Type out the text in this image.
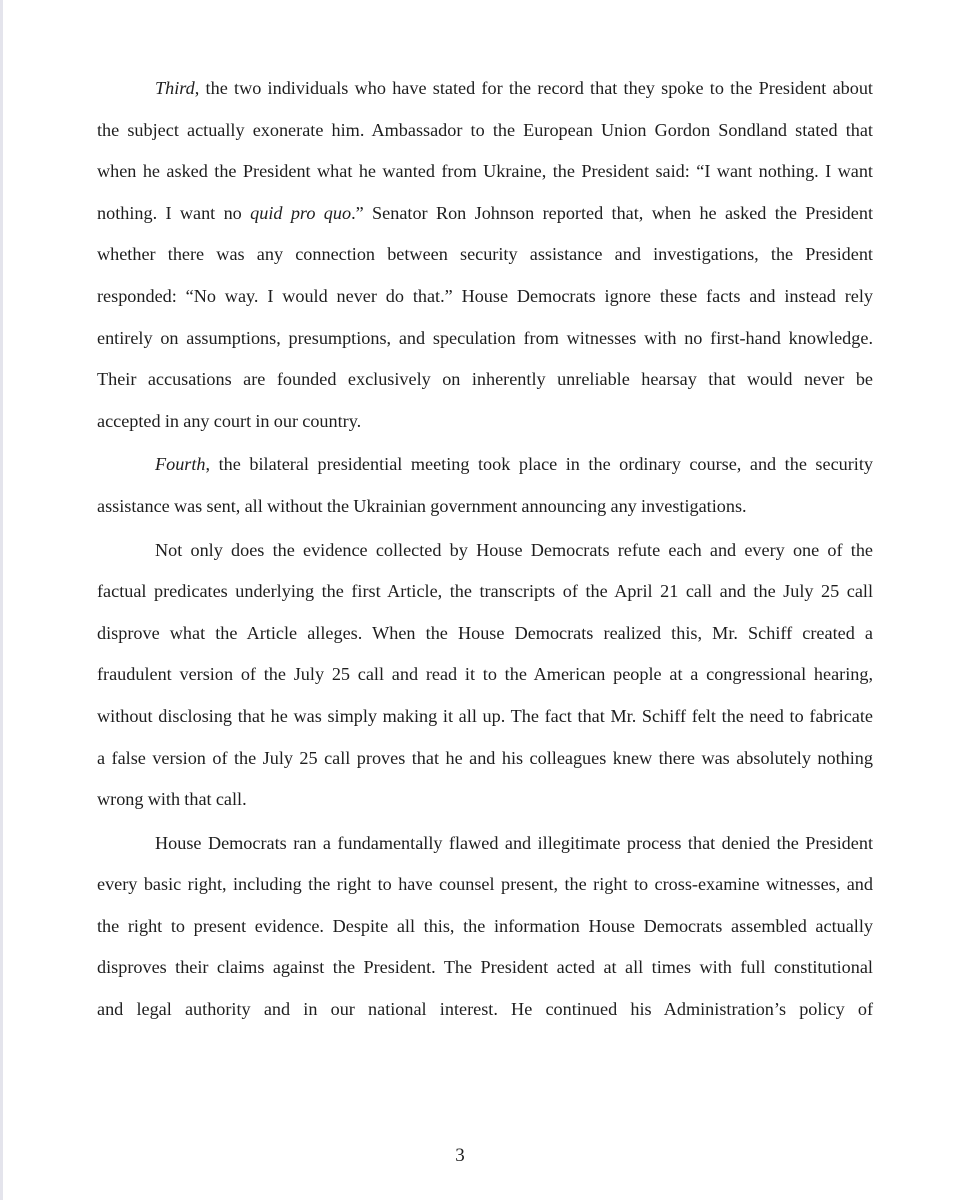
Third, the two individuals who have stated for the record that they spoke to the President about
the subject actually exonerate him. Ambassador to the European Union Gordon Sondland stated that
when he asked the President what he wanted from Ukraine, the President said: “I want nothing. I want
nothing. I want no quid pro quo.” Senator Ron Johnson reported that, when he asked the President
whether there was any connection between security assistance and investigations, the President
responded: “No way. I would never do that.” House Democrats ignore these facts and instead rely
entirely on assumptions, presumptions, and speculation from witnesses with no first-hand knowledge.
Their accusations are founded exclusively on inherently unreliable hearsay that would never be
accepted in any court in our country.
Fourth, the bilateral presidential meeting took place in the ordinary course, and the security
assistance was sent, all without the Ukrainian government announcing any investigations.
Not only does the evidence collected by House Democrats refute each and every one of the
factual predicates underlying the first Article, the transcripts of the April 21 call and the July 25 call
disprove what the Article alleges. When the House Democrats realized this, Mr. Schiff created a
fraudulent version of the July 25 call and read it to the American people at a congressional hearing,
without disclosing that he was simply making it all up. The fact that Mr. Schiff felt the need to fabricate
a false version of the July 25 call proves that he and his colleagues knew there was absolutely nothing
wrong with that call.
House Democrats ran a fundamentally flawed and illegitimate process that denied the President
every basic right, including the right to have counsel present, the right to cross-examine witnesses, and
the right to present evidence. Despite all this, the information House Democrats assembled actually
disproves their claims against the President. The President acted at all times with full constitutional
and legal authority and in our national interest. He continued his Administration’s policy of
3
